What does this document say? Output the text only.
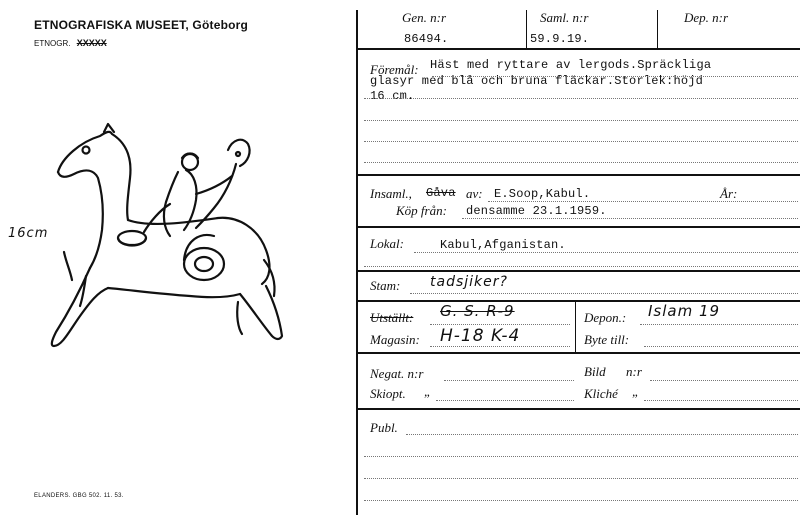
ETNOGRAFISKA MUSEET, Göteborg
ETNOGR. XXXXX
16cm
ELANDERS. GBG 502. 11. 53.
Gen. n:r	Saml. n:r	Dep. n:r
86494.	59.9.19.
Föremål: Häst med ryttare av lergods.Spräckliga
glasyr med blå och bruna fläckar.Storlek:höjd
16 cm.
Insaml., Gåva av: E.Soop,Kabul.	År:
Köp från: densamme 23.1.1959.
Lokal:	Kabul,Afganistan.
Stam: tadsjiker?
Utställt: G. S. R-9	Depon.: Islam 19
Magasin: H-18 K-4	Byte till:
Negat. n:r	Bild n:r
Skiopt. „	Kliché „
Publ.
